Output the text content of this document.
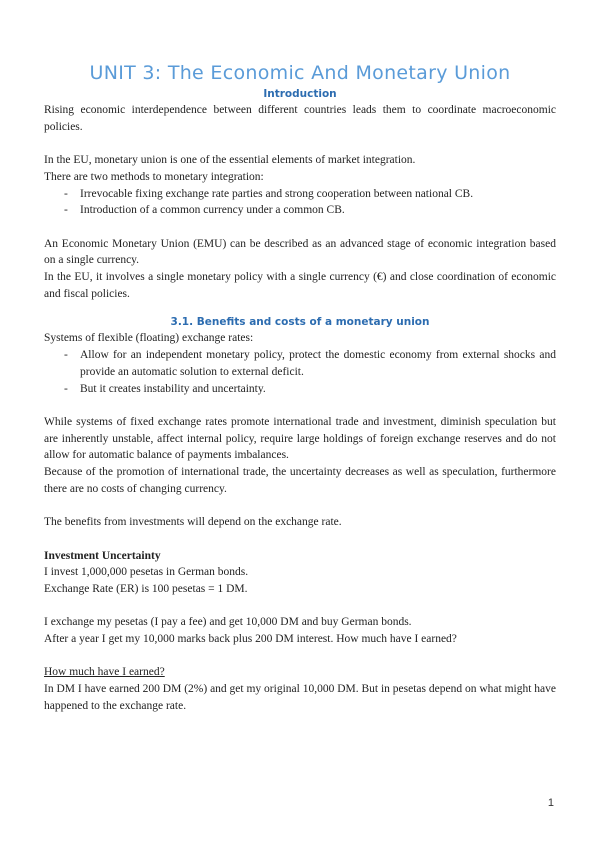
UNIT 3: The Economic And Monetary Union
Introduction

Rising economic interdependence between different countries leads them to coordinate macroeconomic policies.

In the EU, monetary union is one of the essential elements of market integration.

There are two methods to monetary integration:

- Irrevocable fixing exchange rate parties and strong cooperation between national CB.
- Introduction of a common currency under a common CB.

An Economic Monetary Union (EMU) can be described as an advanced stage of economic integration based on a single currency.

In the EU, it involves a single monetary policy with a single currency (€) and close coordination of economic and fiscal policies.

3.1. Benefits and costs of a monetary union

Systems of flexible (floating) exchange rates:

- Allow for an independent monetary policy, protect the domestic economy from external shocks and provide an automatic solution to external deficit.
- But it creates instability and uncertainty.

While systems of fixed exchange rates promote international trade and investment, diminish speculation but are inherently unstable, affect internal policy, require large holdings of foreign exchange reserves and do not allow for automatic balance of payments imbalances.

Because of the promotion of international trade, the uncertainty decreases as well as speculation, furthermore there are no costs of changing currency.

The benefits from investments will depend on the exchange rate.

Investment Uncertainty

I invest 1,000,000 pesetas in German bonds.

Exchange Rate (ER) is 100 pesetas = 1 DM.

I exchange my pesetas (I pay a fee) and get 10,000 DM and buy German bonds.

After a year I get my 10,000 marks back plus 200 DM interest. How much have I earned?

How much have I earned?

In DM I have earned 200 DM (2%) and get my original 10,000 DM. But in pesetas depend on what might have happened to the exchange rate.

1
